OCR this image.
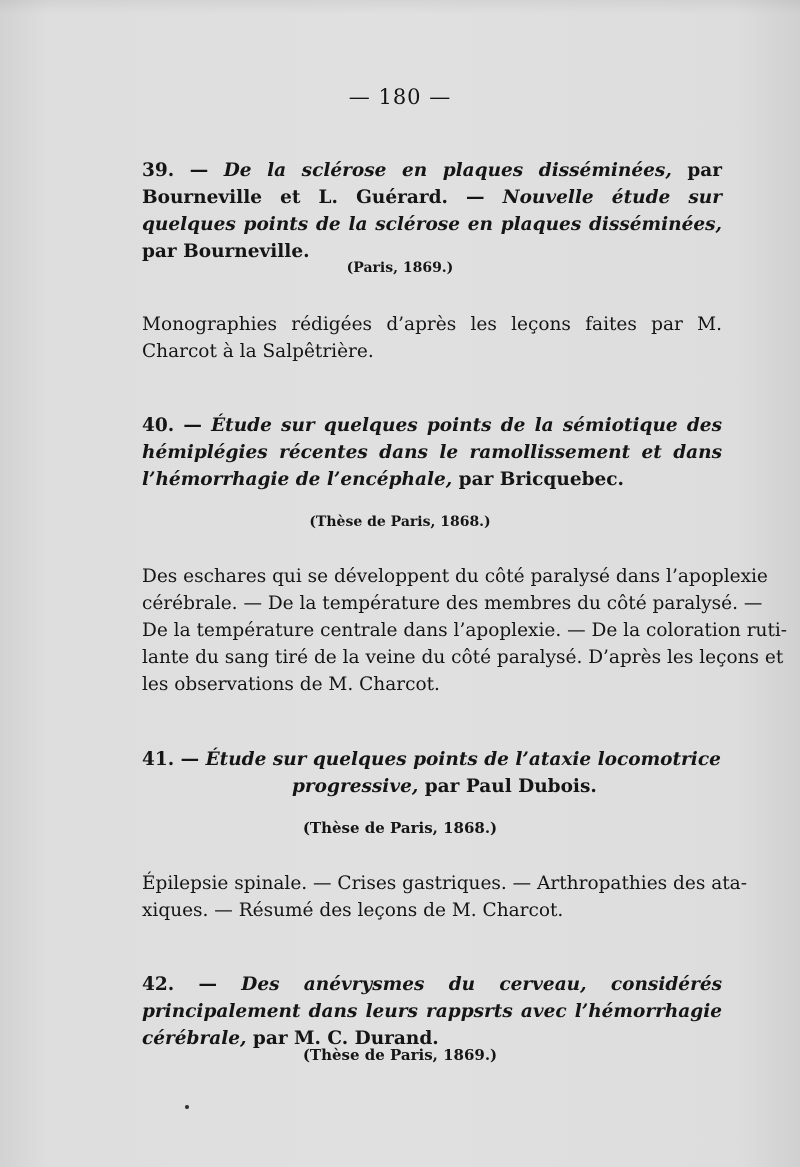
— 180 —
39. — De la sclérose en plaques disséminées, par Bourneville et L. Guérard. — Nouvelle étude sur quelques points de la sclérose en plaques disséminées, par Bourneville.
(Paris, 1869.)
Monographies rédigées d’après les leçons faites par M. Charcot à la Salpêtrière.
40. — Étude sur quelques points de la sémiotique des hémiplégies récentes dans le ramollissement et dans l’hémorrhagie de l’encéphale, par Bricquebec.
(Thèse de Paris, 1868.)
Des eschares qui se développent du côté paralysé dans l’apoplexie
cérébrale. — De la température des membres du côté paralysé. —
De la température centrale dans l’apoplexie. — De la coloration ruti-
lante du sang tiré de la veine du côté paralysé. D’après les leçons et
les observations de M. Charcot.
41. — Étude sur quelques points de l’ataxie locomotrice
progressive, par Paul Dubois.
(Thèse de Paris, 1868.)
Épilepsie spinale. — Crises gastriques. — Arthropathies des ata-
xiques. — Résumé des leçons de M. Charcot.
42. — Des anévrysmes du cerveau, considérés principalement dans leurs rappsrts avec l’hémorrhagie cérébrale, par M. C. Durand.
(Thèse de Paris, 1869.)
